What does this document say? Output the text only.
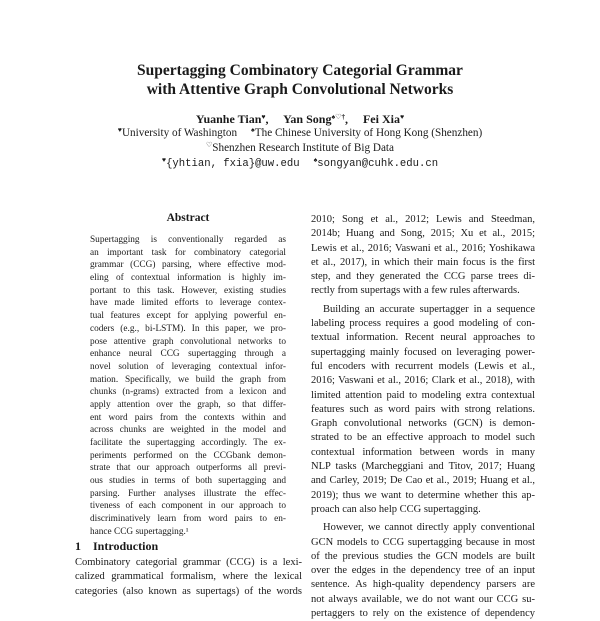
Supertagging Combinatory Categorial Grammar
with Attentive Graph Convolutional Networks
Yuanhe Tian♥, Yan Song♠♡†, Fei Xia♥
♥University of Washington ♠The Chinese University of Hong Kong (Shenzhen)
♡Shenzhen Research Institute of Big Data
♥{yhtian, fxia}@uw.edu ♠songyan@cuhk.edu.cn
Abstract
Supertagging is conventionally regarded as
an important task for combinatory categorial
grammar (CCG) parsing, where effective mod-
eling of contextual information is highly im-
portant to this task. However, existing studies
have made limited efforts to leverage contex-
tual features except for applying powerful en-
coders (e.g., bi-LSTM). In this paper, we pro-
pose attentive graph convolutional networks to
enhance neural CCG supertagging through a
novel solution of leveraging contextual infor-
mation. Specifically, we build the graph from
chunks (n-grams) extracted from a lexicon and
apply attention over the graph, so that differ-
ent word pairs from the contexts within and
across chunks are weighted in the model and
facilitate the supertagging accordingly. The ex-
periments performed on the CCGbank demon-
strate that our approach outperforms all previ-
ous studies in terms of both supertagging and
parsing. Further analyses illustrate the effec-
tiveness of each component in our approach to
discriminatively learn from word pairs to en-
hance CCG supertagging.¹
1 Introduction
Combinatory categorial grammar (CCG) is a lexi-
calized grammatical formalism, where the lexical
categories (also known as supertags) of the words
2010; Song et al., 2012; Lewis and Steedman,
2014b; Huang and Song, 2015; Xu et al., 2015;
Lewis et al., 2016; Vaswani et al., 2016; Yoshikawa
et al., 2017), in which their main focus is the first
step, and they generated the CCG parse trees di-
rectly from supertags with a few rules afterwards.
Building an accurate supertagger in a sequence
labeling process requires a good modeling of con-
textual information. Recent neural approaches to
supertagging mainly focused on leveraging power-
ful encoders with recurrent models (Lewis et al.,
2016; Vaswani et al., 2016; Clark et al., 2018), with
limited attention paid to modeling extra contextual
features such as word pairs with strong relations.
Graph convolutional networks (GCN) is demon-
strated to be an effective approach to model such
contextual information between words in many
NLP tasks (Marcheggiani and Titov, 2017; Huang
and Carley, 2019; De Cao et al., 2019; Huang et al.,
2019); thus we want to determine whether this ap-
proach can also help CCG supertagging.
However, we cannot directly apply conventional
GCN models to CCG supertagging because in most
of the previous studies the GCN models are built
over the edges in the dependency tree of an input
sentence. As high-quality dependency parsers are
not always available, we do not want our CCG su-
pertaggers to rely on the existence of dependency
